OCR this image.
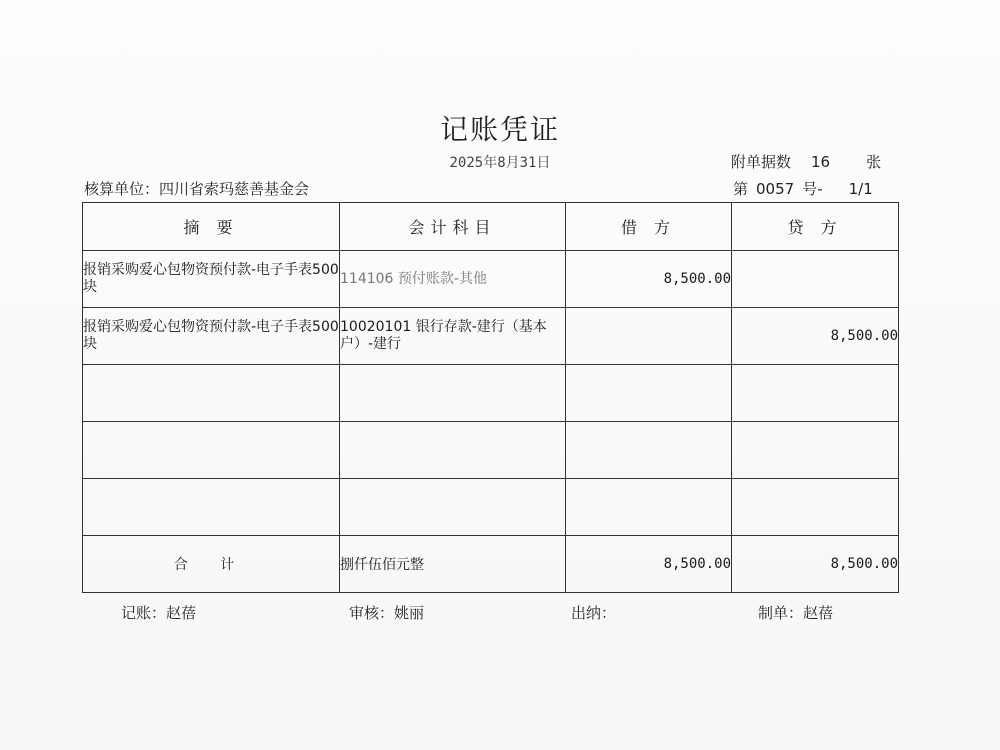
记账凭证
2025年8月31日	附单据数 16 张
核算单位：四川省索玛慈善基金会	第 0057 号- 1/1
摘 要	会计科目	借 方	贷 方
报销采购爱心包物资预付款-电子手表500块	114106 预付账款-其他	8,500.00	
报销采购爱心包物资预付款-电子手表500块	10020101 银行存款-建行（基本户）-建行		8,500.00

合 计	捌仟伍佰元整	8,500.00	8,500.00
记账：赵蓓	审核：姚丽	出纳：	制单：赵蓓
